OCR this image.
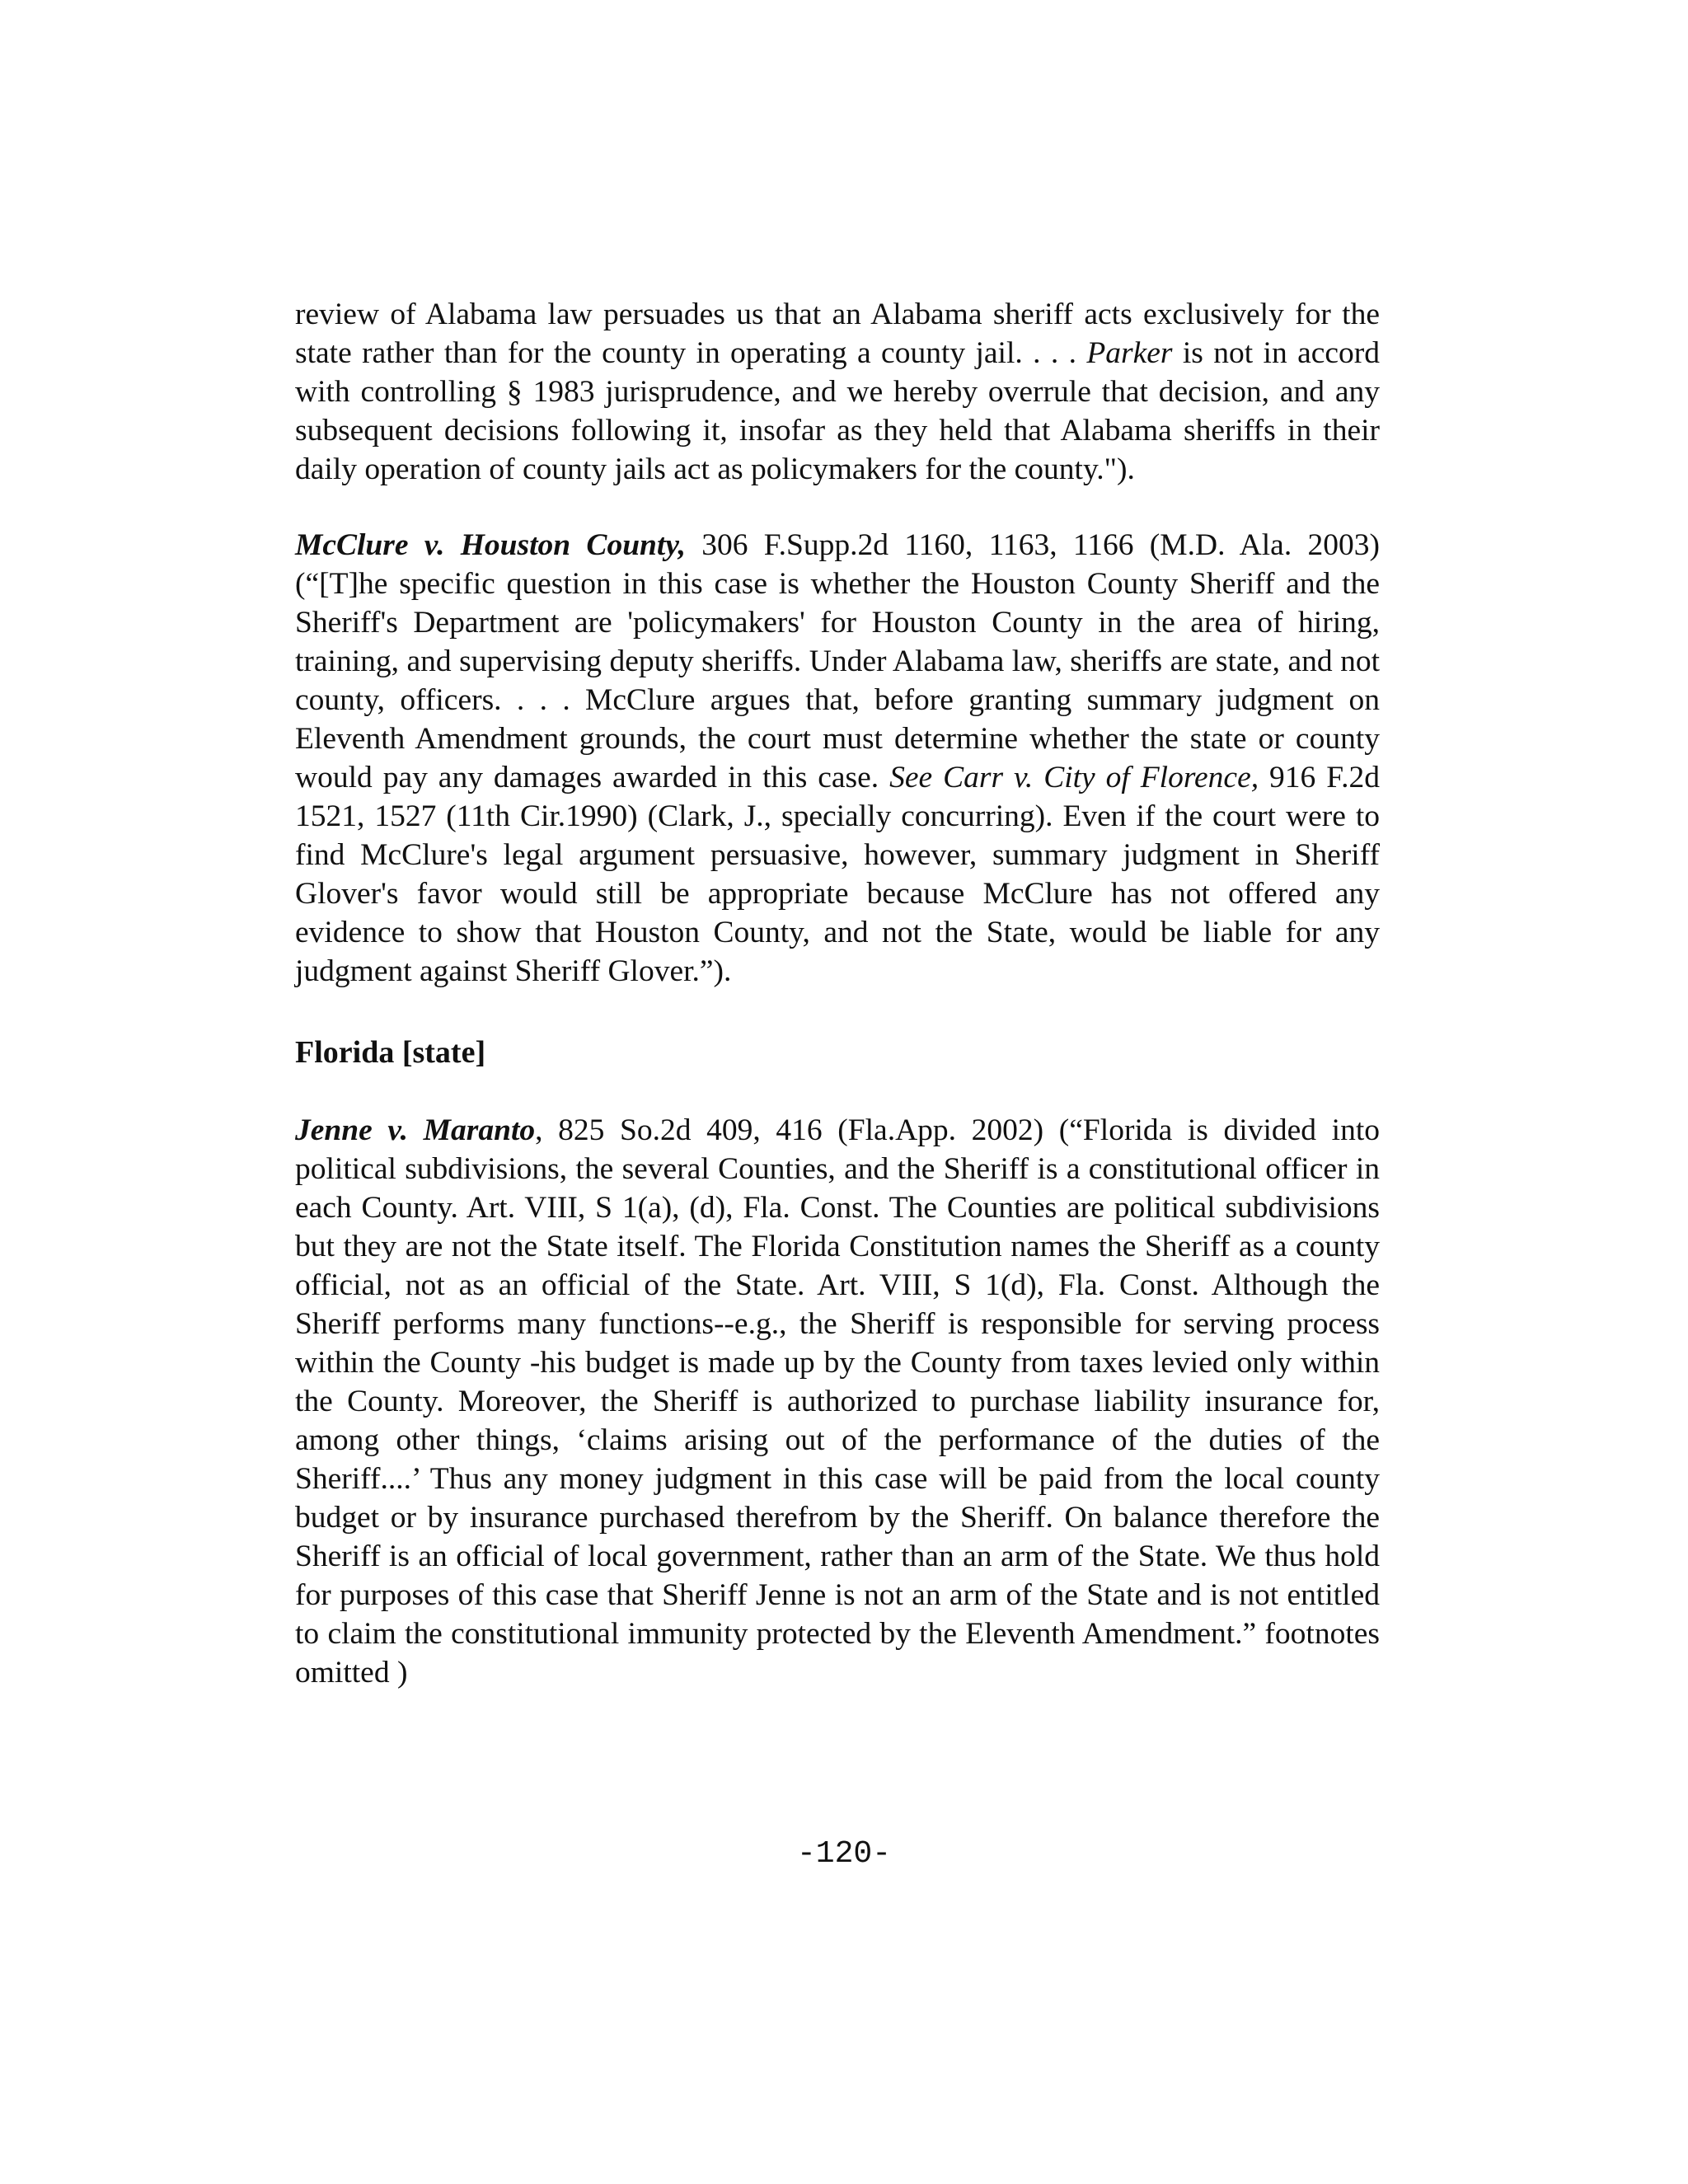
review of Alabama law persuades us that an Alabama sheriff acts exclusively for the state rather than for the county in operating a county jail. . . . Parker is not in accord with controlling § 1983 jurisprudence, and we hereby overrule that decision, and any subsequent decisions following it, insofar as they held that Alabama sheriffs in their daily operation of county jails act as policymakers for the county.").

McClure v. Houston County, 306 F.Supp.2d 1160, 1163, 1166 (M.D. Ala. 2003) (“[T]he specific question in this case is whether the Houston County Sheriff and the Sheriff's Department are 'policymakers' for Houston County in the area of hiring, training, and supervising deputy sheriffs. Under Alabama law, sheriffs are state, and not county, officers. . . . McClure argues that, before granting summary judgment on Eleventh Amendment grounds, the court must determine whether the state or county would pay any damages awarded in this case. See Carr v. City of Florence, 916 F.2d 1521, 1527 (11th Cir.1990) (Clark, J., specially concurring). Even if the court were to find McClure's legal argument persuasive, however, summary judgment in Sheriff Glover's favor would still be appropriate because McClure has not offered any evidence to show that Houston County, and not the State, would be liable for any judgment against Sheriff Glover.”).

Florida [state]

Jenne v. Maranto, 825 So.2d 409, 416 (Fla.App. 2002) (“Florida is divided into political subdivisions, the several Counties, and the Sheriff is a constitutional officer in each County. Art. VIII, S 1(a), (d), Fla. Const. The Counties are political subdivisions but they are not the State itself. The Florida Constitution names the Sheriff as a county official, not as an official of the State. Art. VIII, S 1(d), Fla. Const. Although the Sheriff performs many functions--e.g., the Sheriff is responsible for serving process within the County -his budget is made up by the County from taxes levied only within the County. Moreover, the Sheriff is authorized to purchase liability insurance for, among other things, ‘claims arising out of the performance of the duties of the Sheriff....’ Thus any money judgment in this case will be paid from the local county budget or by insurance purchased therefrom by the Sheriff. On balance therefore the Sheriff is an official of local government, rather than an arm of the State. We thus hold for purposes of this case that Sheriff Jenne is not an arm of the State and is not entitled to claim the constitutional immunity protected by the Eleventh Amendment.” footnotes omitted )

-120-
